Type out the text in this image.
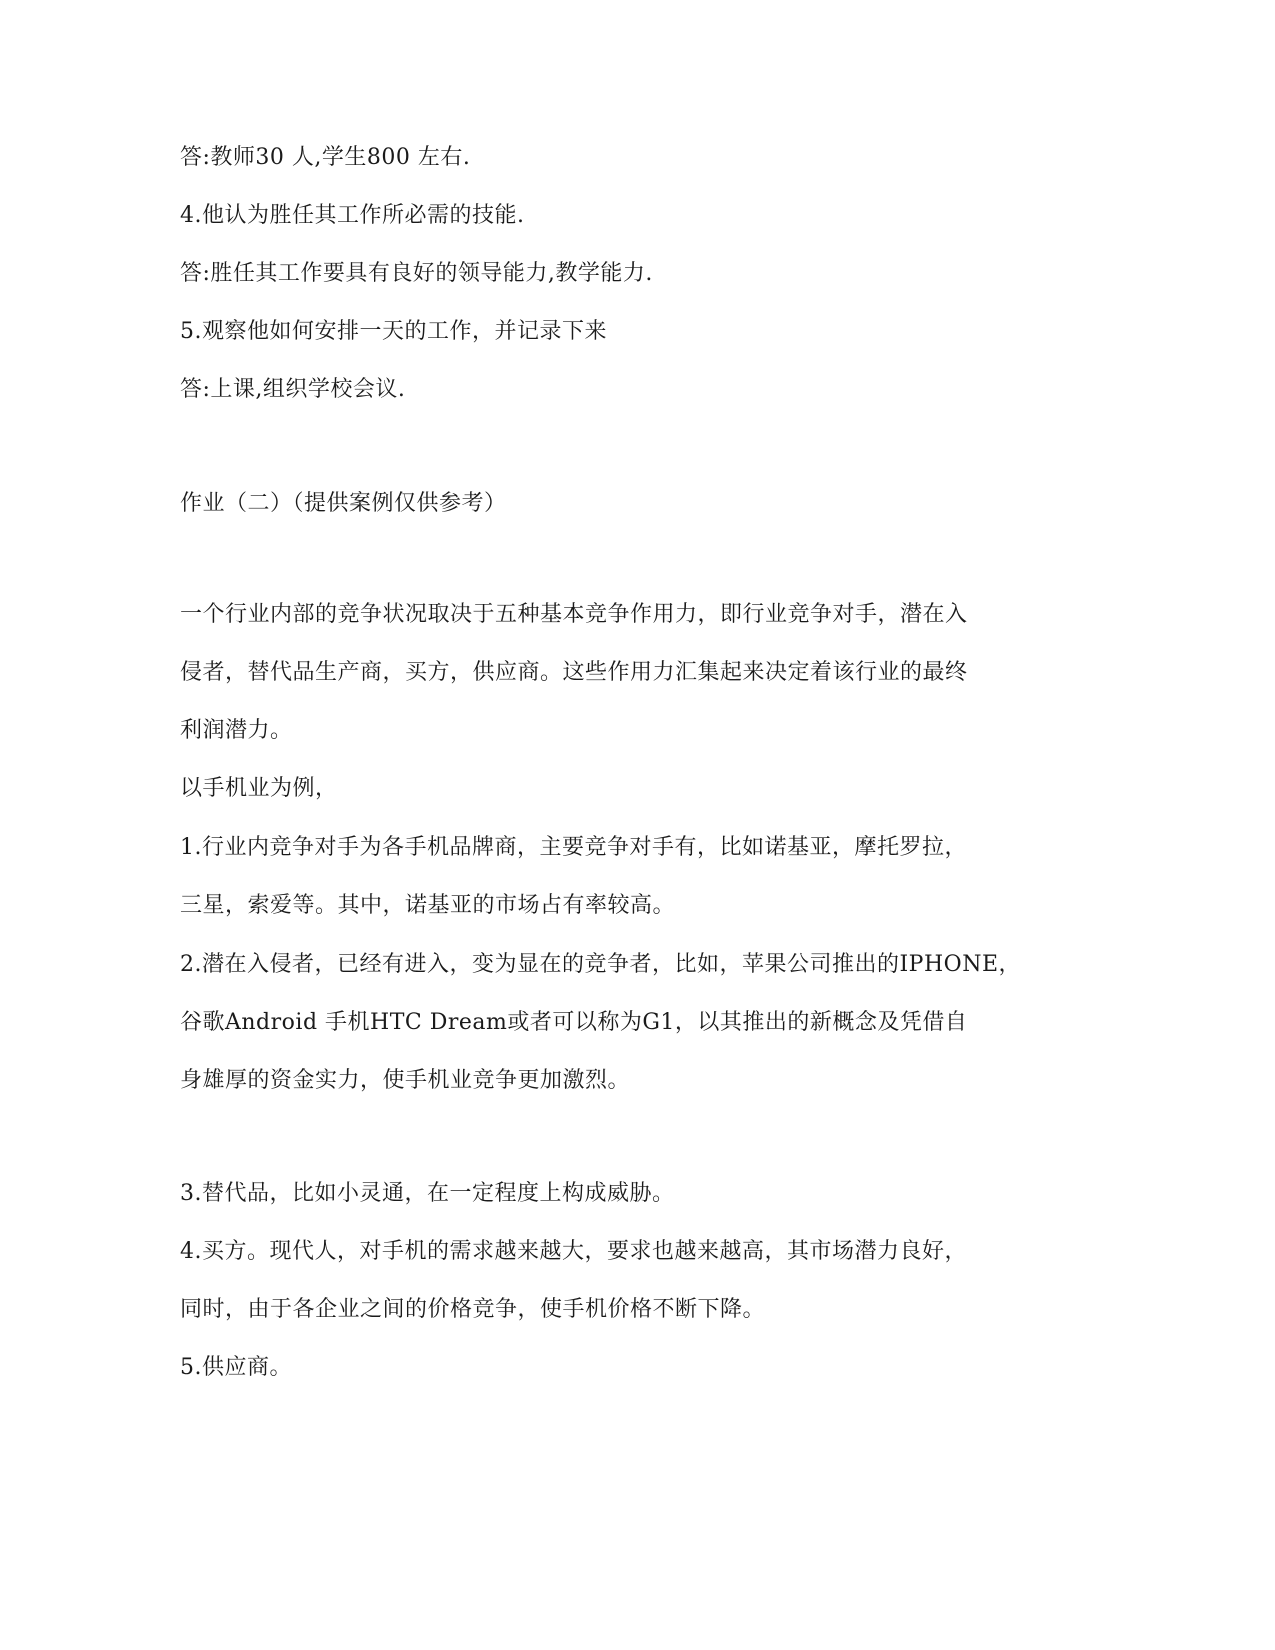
答:教师30 人,学生800 左右.
4.他认为胜任其工作所必需的技能.
答:胜任其工作要具有良好的领导能力,教学能力.
5.观察他如何安排一天的工作，并记录下来
答:上课,组织学校会议.
作业（二）（提供案例仅供参考）
一个行业内部的竞争状况取决于五种基本竞争作用力，即行业竞争对手，潜在入
侵者，替代品生产商，买方，供应商。这些作用力汇集起来决定着该行业的最终
利润潜力。
以手机业为例，
1.行业内竞争对手为各手机品牌商，主要竞争对手有，比如诺基亚，摩托罗拉，
三星，索爱等。其中，诺基亚的市场占有率较高。
2.潜在入侵者，已经有进入，变为显在的竞争者，比如，苹果公司推出的IPHONE，
谷歌Android 手机HTC Dream或者可以称为G1，以其推出的新概念及凭借自
身雄厚的资金实力，使手机业竞争更加激烈。
3.替代品，比如小灵通，在一定程度上构成威胁。
4.买方。现代人，对手机的需求越来越大，要求也越来越高，其市场潜力良好，
同时，由于各企业之间的价格竞争，使手机价格不断下降。
5.供应商。
